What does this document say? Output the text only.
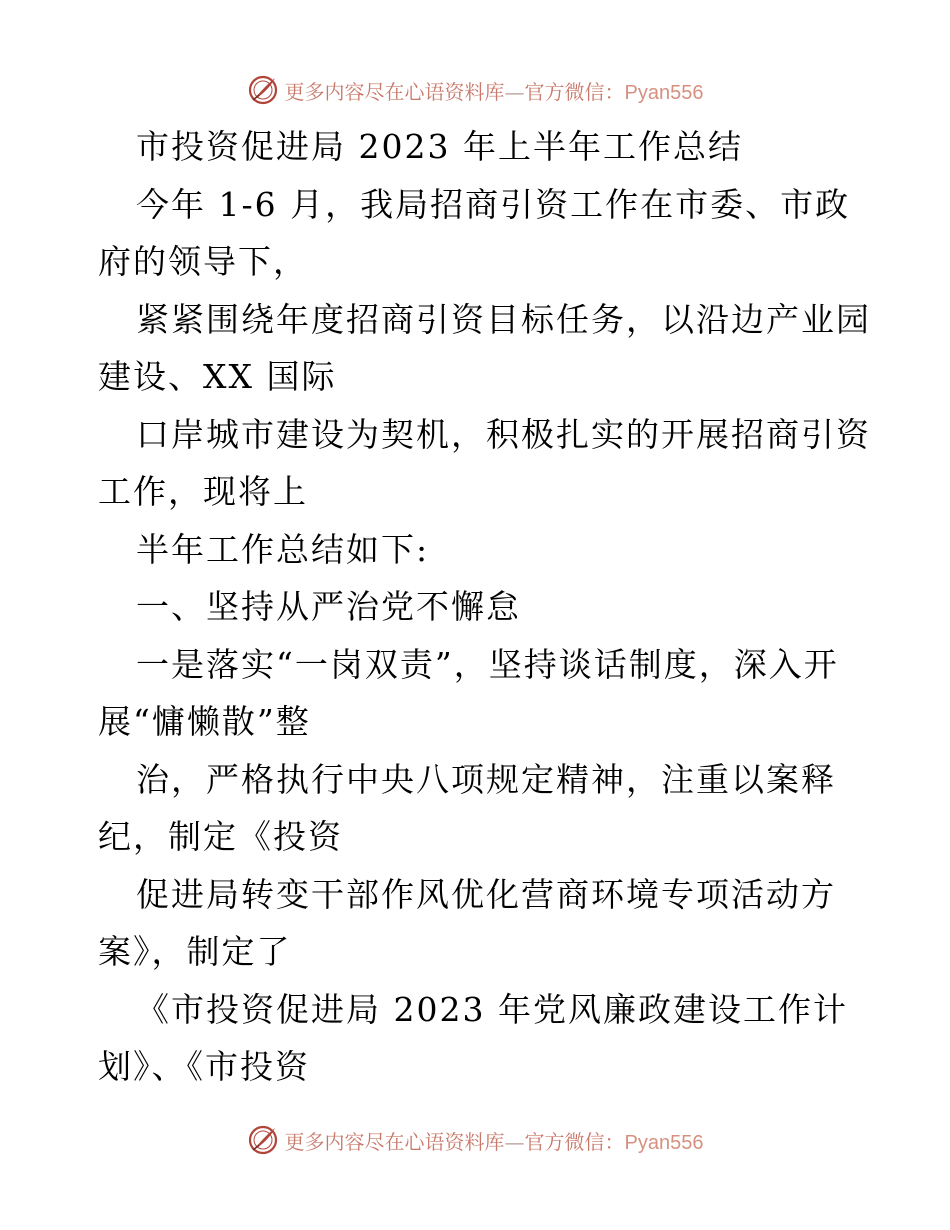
更多内容尽在心语资料库—官方微信：Pyan556
市投资促进局 2023 年上半年工作总结
今年 1-6 月，我局招商引资工作在市委、市政
府的领导下，
紧紧围绕年度招商引资目标任务，以沿边产业园
建设、XX 国际
口岸城市建设为契机，积极扎实的开展招商引资
工作，现将上
半年工作总结如下:
一、坚持从严治党不懈怠
一是落实“一岗双责”，坚持谈话制度，深入开
展“慵懒散”整
治，严格执行中央八项规定精神，注重以案释
纪，制定《投资
促进局转变干部作风优化营商环境专项活动方
案》，制定了
《市投资促进局 2023 年党风廉政建设工作计
划》、《市投资
更多内容尽在心语资料库—官方微信：Pyan556
